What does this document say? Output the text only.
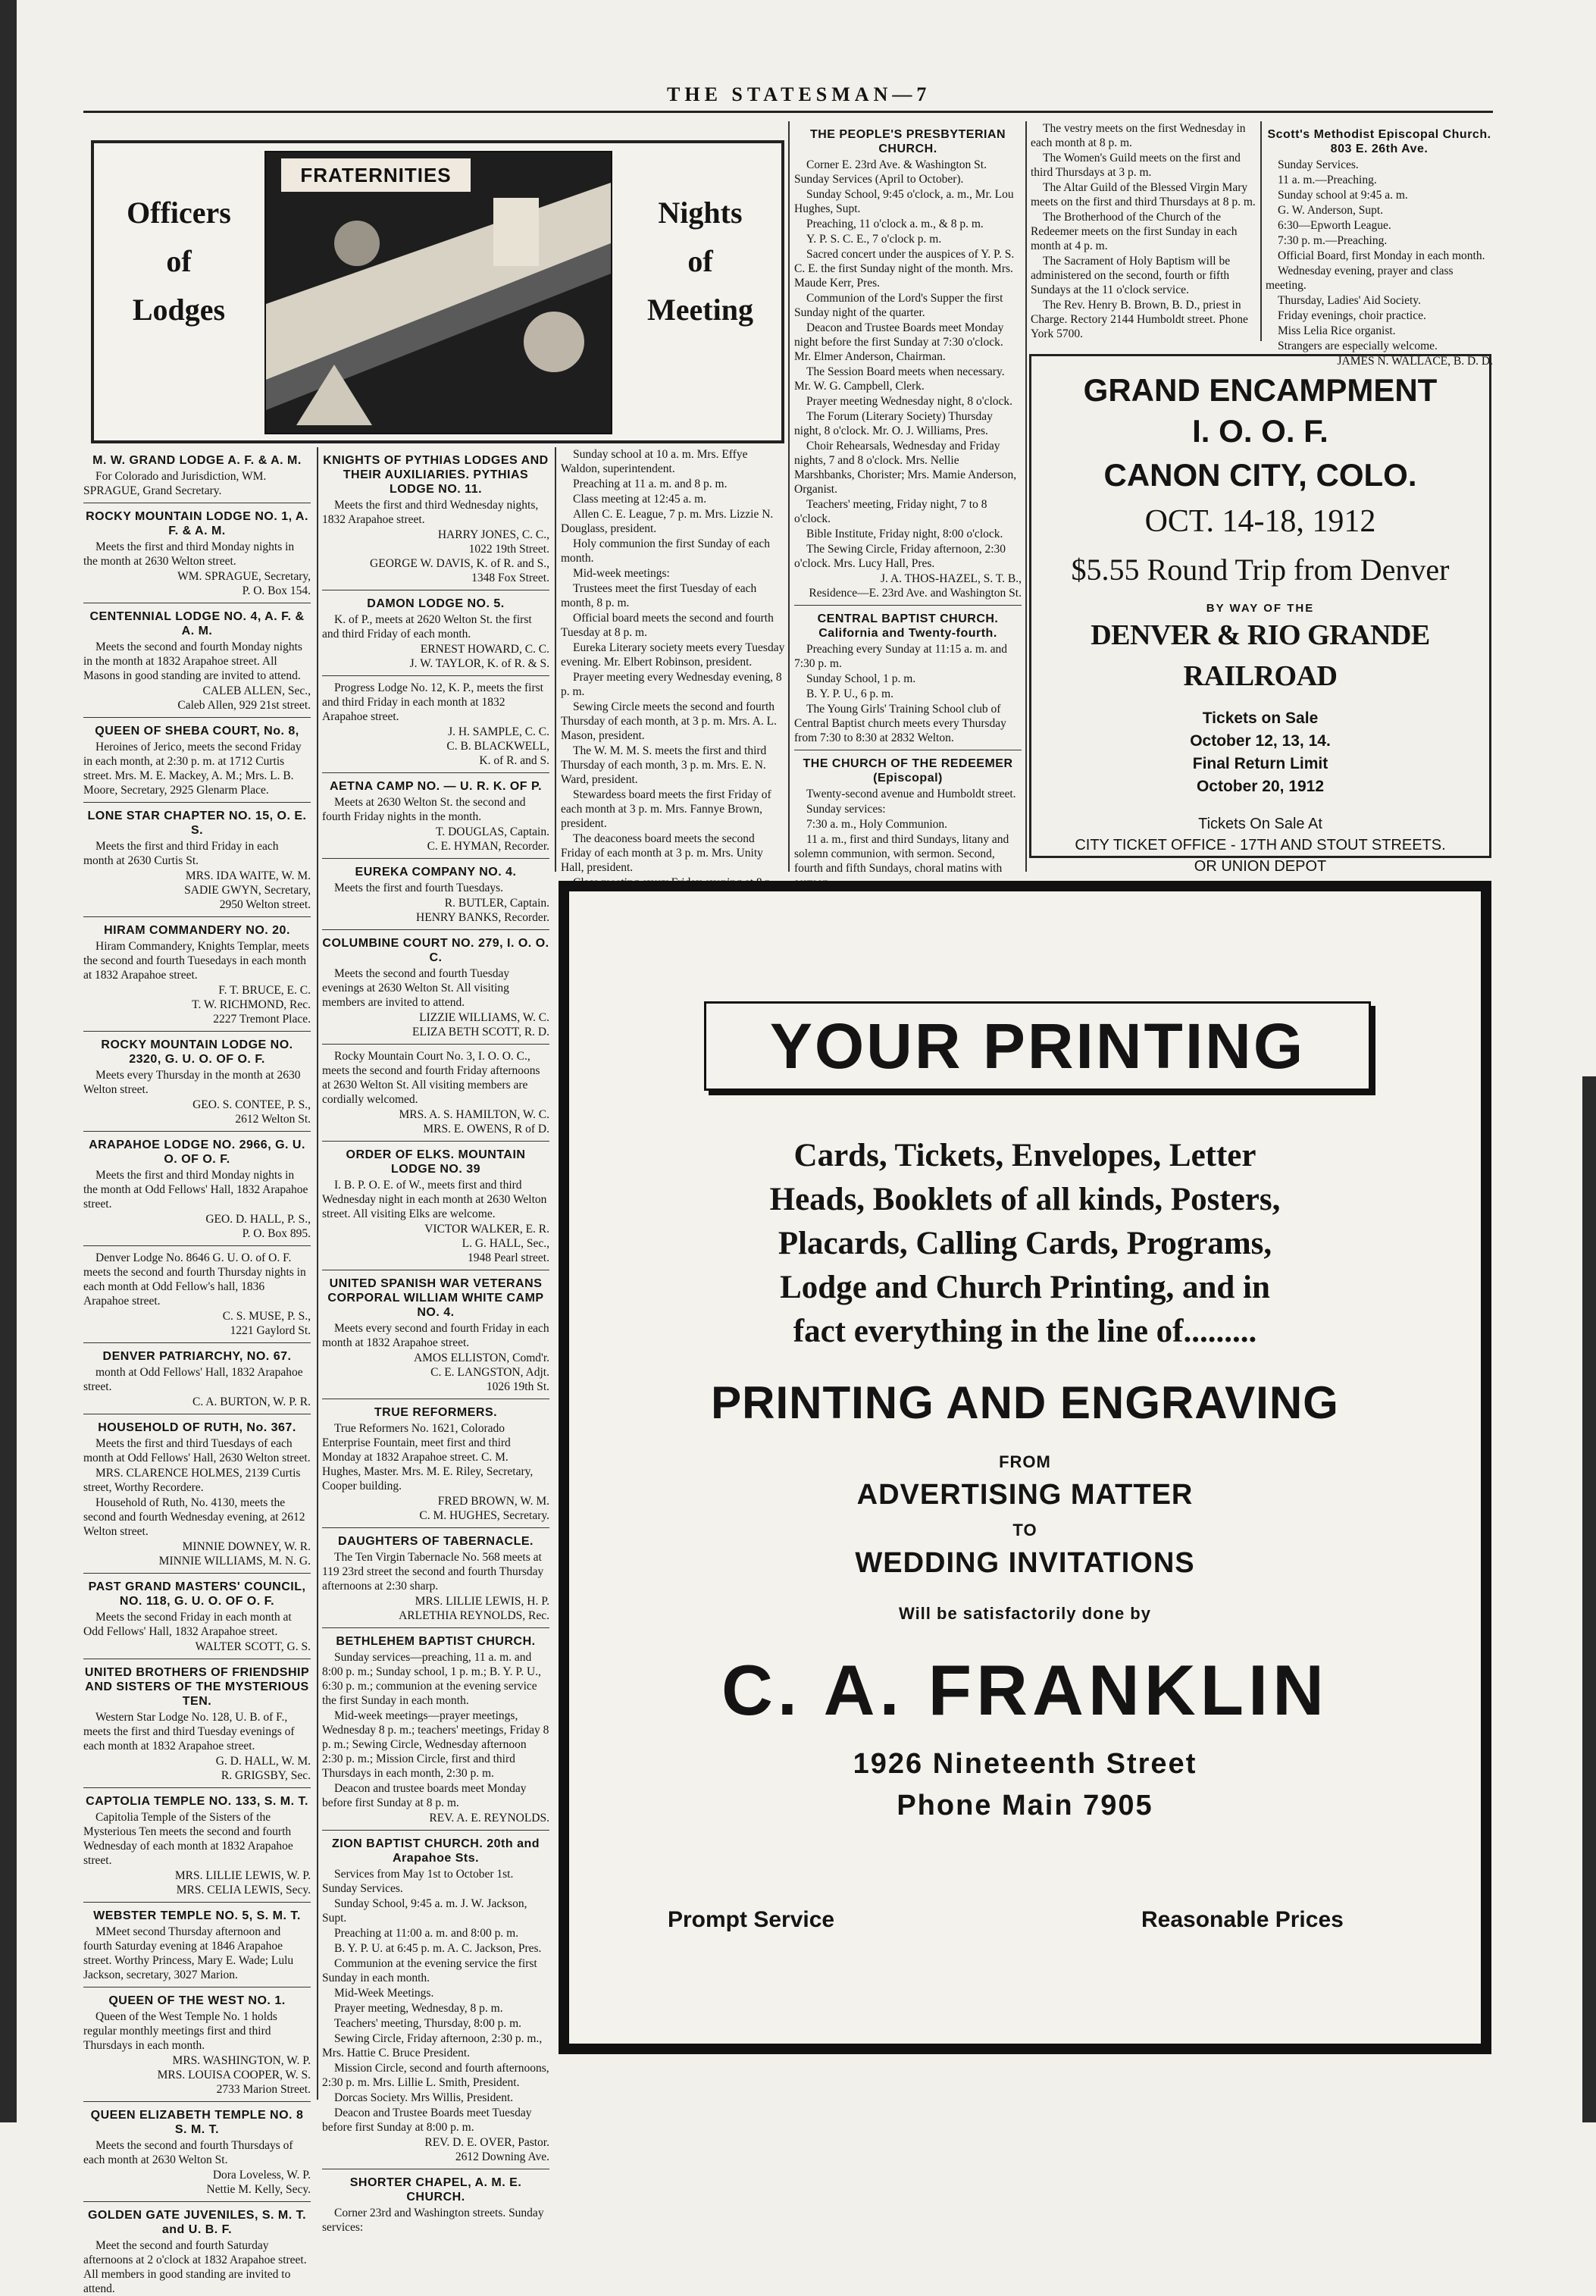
THE STATESMAN—7
Officers
of
Lodges
FRATERNITIES
Nights
of
Meeting
M. W. GRAND LODGE A. F. & A. M.

For Colorado and Jurisdiction, WM. SPRAGUE, Grand Secretary.

ROCKY MOUNTAIN LODGE NO. 1, A. F. & A. M.

Meets the first and third Monday nights in the month at 2630 Welton street.

WM. SPRAGUE, Secretary,

P. O. Box 154.

CENTENNIAL LODGE NO. 4, A. F. & A. M.

Meets the second and fourth Monday nights in the month at 1832 Arapahoe street. All Masons in good standing are invited to attend.

CALEB ALLEN, Sec.,

Caleb Allen, 929 21st street.

QUEEN OF SHEBA COURT, No. 8,

Heroines of Jerico, meets the second Friday in each month, at 2:30 p. m. at 1712 Curtis street. Mrs. M. E. Mackey, A. M.; Mrs. L. B. Moore, Secretary, 2925 Glenarm Place.

LONE STAR CHAPTER NO. 15, O. E. S.

Meets the first and third Friday in each month at 2630 Curtis St.

MRS. IDA WAITE, W. M.

SADIE GWYN, Secretary,

2950 Welton street.

HIRAM COMMANDERY NO. 20.

Hiram Commandery, Knights Templar, meets the second and fourth Tuesedays in each month at 1832 Arapahoe street.

F. T. BRUCE, E. C.

T. W. RICHMOND, Rec.

2227 Tremont Place.

ROCKY MOUNTAIN LODGE NO. 2320, G. U. O. OF O. F.

Meets every Thursday in the month at 2630 Welton street.

GEO. S. CONTEE, P. S.,

2612 Welton St.

ARAPAHOE LODGE NO. 2966, G. U. O. OF O. F.

Meets the first and third Monday nights in the month at Odd Fellows' Hall, 1832 Arapahoe street.

GEO. D. HALL, P. S.,

P. O. Box 895.

Denver Lodge No. 8646 G. U. O. of O. F. meets the second and fourth Thursday nights in each month at Odd Fellow's hall, 1836 Arapahoe street.

C. S. MUSE, P. S.,

1221 Gaylord St.

DENVER PATRIARCHY, NO. 67.

month at Odd Fellows' Hall, 1832 Arapahoe street.

C. A. BURTON, W. P. R.

HOUSEHOLD OF RUTH, No. 367.

Meets the first and third Tuesdays of each month at Odd Fellows' Hall, 2630 Welton street.

MRS. CLARENCE HOLMES, 2139 Curtis street, Worthy Recordere.

Household of Ruth, No. 4130, meets the second and fourth Wednesday evening, at 2612 Welton street.

MINNIE DOWNEY, W. R.

MINNIE WILLIAMS, M. N. G.

PAST GRAND MASTERS' COUNCIL, NO. 118, G. U. O. OF O. F.

Meets the second Friday in each month at Odd Fellows' Hall, 1832 Arapahoe street.

WALTER SCOTT, G. S.

UNITED BROTHERS OF FRIENDSHIP AND SISTERS OF THE MYSTERIOUS TEN.

Western Star Lodge No. 128, U. B. of F., meets the first and third Tuesday evenings of each month at 1832 Arapahoe street.

G. D. HALL, W. M.

R. GRIGSBY, Sec.

CAPTOLIA TEMPLE NO. 133, S. M. T.

Capitolia Temple of the Sisters of the Mysterious Ten meets the second and fourth Wednesday of each month at 1832 Arapahoe street.

MRS. LILLIE LEWIS, W. P.

MRS. CELIA LEWIS, Secy.

WEBSTER TEMPLE NO. 5, S. M. T.

MMeet second Thursday afternoon and fourth Saturday evening at 1846 Arapahoe street. Worthy Princess, Mary E. Wade; Lulu Jackson, secretary, 3027 Marion.

QUEEN OF THE WEST NO. 1.

Queen of the West Temple No. 1 holds regular monthly meetings first and third Thursdays in each month.

MRS. WASHINGTON, W. P.

MRS. LOUISA COOPER, W. S.

2733 Marion Street.

QUEEN ELIZABETH TEMPLE NO. 8 S. M. T.

Meets the second and fourth Thursdays of each month at 2630 Welton St.

Dora Loveless, W. P.

Nettie M. Kelly, Secy.

GOLDEN GATE JUVENILES, S. M. T. and U. B. F.

Meet the second and fourth Saturday afternoons at 2 o'clock at 1832 Arapahoe street. All members in good standing are invited to attend.

KNIGHTS OF PYTHIAS LODGES AND THEIR AUXILIARIES. PYTHIAS LODGE NO. 11.

Meets the first and third Wednesday nights, 1832 Arapahoe street.

HARRY JONES, C. C.,

1022 19th Street.

GEORGE W. DAVIS, K. of R. and S.,

1348 Fox Street.

DAMON LODGE NO. 5.

K. of P., meets at 2620 Welton St. the first and third Friday of each month.

ERNEST HOWARD, C. C.

J. W. TAYLOR, K. of R. & S.

Progress Lodge No. 12, K. P., meets the first and third Friday in each month at 1832 Arapahoe street.

J. H. SAMPLE, C. C.

C. B. BLACKWELL,

K. of R. and S.

AETNA CAMP NO. — U. R. K. OF P.

Meets at 2630 Welton St. the second and fourth Friday nights in the month.

T. DOUGLAS, Captain.

C. E. HYMAN, Recorder.

EUREKA COMPANY NO. 4.

Meets the first and fourth Tuesdays.

R. BUTLER, Captain.

HENRY BANKS, Recorder.

COLUMBINE COURT NO. 279, I. O. O. C.

Meets the second and fourth Tuesday evenings at 2630 Welton St. All visiting members are invited to attend.

LIZZIE WILLIAMS, W. C.

ELIZA BETH SCOTT, R. D.

Rocky Mountain Court No. 3, I. O. O. C., meets the second and fourth Friday afternoons at 2630 Welton St. All visiting members are cordially welcomed.

MRS. A. S. HAMILTON, W. C.

MRS. E. OWENS, R of D.

ORDER OF ELKS. MOUNTAIN LODGE NO. 39

I. B. P. O. E. of W., meets first and third Wednesday night in each month at 2630 Welton street. All visiting Elks are welcome.

VICTOR WALKER, E. R.

L. G. HALL, Sec.,

1948 Pearl street.

UNITED SPANISH WAR VETERANS CORPORAL WILLIAM WHITE CAMP NO. 4.

Meets every second and fourth Friday in each month at 1832 Arapahoe street.

AMOS ELLISTON, Comd'r.

C. E. LANGSTON, Adjt.

1026 19th St.

TRUE REFORMERS.

True Reformers No. 1621, Colorado Enterprise Fountain, meet first and third Monday at 1832 Arapahoe street. C. M. Hughes, Master. Mrs. M. E. Riley, Secretary, Cooper building.

FRED BROWN, W. M.

C. M. HUGHES, Secretary.

DAUGHTERS OF TABERNACLE.

The Ten Virgin Tabernacle No. 568 meets at 119 23rd street the second and fourth Thursday afternoons at 2:30 sharp.

MRS. LILLIE LEWIS, H. P.

ARLETHIA REYNOLDS, Rec.

BETHLEHEM BAPTIST CHURCH.

Sunday services—preaching, 11 a. m. and 8:00 p. m.; Sunday school, 1 p. m.; B. Y. P. U., 6:30 p. m.; communion at the evening service the first Sunday in each month.

Mid-week meetings—prayer meetings, Wednesday 8 p. m.; teachers' meetings, Friday 8 p. m.; Sewing Circle, Wednesday afternoon 2:30 p. m.; Mission Circle, first and third Thursdays in each month, 2:30 p. m.

Deacon and trustee boards meet Monday before first Sunday at 8 p. m.

REV. A. E. REYNOLDS.

ZION BAPTIST CHURCH. 20th and Arapahoe Sts.

Services from May 1st to October 1st. Sunday Services.

Sunday School, 9:45 a. m. J. W. Jackson, Supt.

Preaching at 11:00 a. m. and 8:00 p. m.

B. Y. P. U. at 6:45 p. m. A. C. Jackson, Pres.

Communion at the evening service the first Sunday in each month.

Mid-Week Meetings.

Prayer meeting, Wednesday, 8 p. m.

Teachers' meeting, Thursday, 8:00 p. m.

Sewing Circle, Friday afternoon, 2:30 p. m., Mrs. Hattie C. Bruce President.

Mission Circle, second and fourth afternoons, 2:30 p. m. Mrs. Lillie L. Smith, President.

Dorcas Society. Mrs Willis, President.

Deacon and Trustee Boards meet Tuesday before first Sunday at 8:00 p. m.

REV. D. E. OVER, Pastor.

2612 Downing Ave.

SHORTER CHAPEL, A. M. E. CHURCH.

Corner 23rd and Washington streets. Sunday services:

Sunday school at 10 a. m. Mrs. Effye Waldon, superintendent.

Preaching at 11 a. m. and 8 p. m.

Class meeting at 12:45 a. m.

Allen C. E. League, 7 p. m. Mrs. Lizzie N. Douglass, president.

Holy communion the first Sunday of each month.

Mid-week meetings:

Trustees meet the first Tuesday of each month, 8 p. m.

Official board meets the second and fourth Tuesday at 8 p. m.

Eureka Literary society meets every Tuesday evening. Mr. Elbert Robinson, president.

Prayer meeting every Wednesday evening, 8 p. m.

Sewing Circle meets the second and fourth Thursday of each month, at 3 p. m. Mrs. A. L. Mason, president.

The W. M. M. S. meets the first and third Thursday of each month, 3 p. m. Mrs. E. N. Ward, president.

Stewardess board meets the first Friday of each month at 3 p. m. Mrs. Fannye Brown, president.

The deaconess board meets the second Friday of each month at 3 p. m. Mrs. Unity Hall, president.

THE PEOPLE'S PRESBYTERIAN CHURCH.

Corner E. 23rd Ave. & Washington St. Sunday Services (April to October).

Sunday School, 9:45 o'clock, a. m., Mr. Lou Hughes, Supt.

Preaching, 11 o'clock a. m., & 8 p. m.

Y. P. S. C. E., 7 o'clock p. m.

Sacred concert under the auspices of Y. P. S. C. E. the first Sunday night of the month. Mrs. Maude Kerr, Pres.

Communion of the Lord's Supper the first Sunday night of the quarter.

Deacon and Trustee Boards meet Monday night before the first Sunday at 7:30 o'clock. Mr. Elmer Anderson, Chairman.

The Session Board meets when necessary. Mr. W. G. Campbell, Clerk.

Prayer meeting Wednesday night, 8 o'clock.

The Forum (Literary Society) Thursday night, 8 o'clock. Mr. O. J. Williams, Pres.

Choir Rehearsals, Wednesday and Friday nights, 7 and 8 o'clock. Mrs. Nellie Marshbanks, Chorister; Mrs. Mamie Anderson, Organist.

Teachers' meeting, Friday night, 7 to 8 o'clock.

Bible Institute, Friday night, 8:00 o'clock.

The Sewing Circle, Friday afternoon, 2:30 o'clock. Mrs. Lucy Hall, Pres.

J. A. THOS-HAZEL, S. T. B.,

Residence—E. 23rd Ave. and Washington St.

CENTRAL BAPTIST CHURCH. California and Twenty-fourth.

Preaching every Sunday at 11:15 a. m. and 7:30 p. m.

Sunday School, 1 p. m.

B. Y. P. U., 6 p. m.

The Young Girls' Training School club of Central Baptist church meets every Thursday from 7:30 to 8:30 at 2832 Welton.

THE CHURCH OF THE REDEEMER (Episcopal)

Twenty-second avenue and Humboldt street.

Sunday services:

7:30 a. m., Holy Communion.

11 a. m., first and third Sundays, litany and solemn communion, with sermon. Second, fourth and fifth Sundays, choral matins with

The vestry meets on the first Wednesday in each month at 8 p. m.

The Women's Guild meets on the first and third Thursdays at 3 p. m.

The Altar Guild of the Blessed Virgin Mary meets on the first and third Thursdays at 8 p. m.

The Brotherhood of the Church of the Redeemer meets on the first Sunday in each month at 4 p. m.

The Sacrament of Holy Baptism will be administered on the second, fourth or fifth Sundays at the 11 o'clock service.

The Rev. Henry B. Brown, B. D., priest in Charge. Rectory 2144 Humboldt street. Phone York 5700.

Scott's Methodist Episcopal Church. 803 E. 26th Ave.

Sunday Services.

11 a. m.—Preaching.

Sunday school at 9:45 a. m.

G. W. Anderson, Supt.

6:30—Epworth League.

7:30 p. m.—Preaching.

Official Board, first Monday in each month.

Wednesday evening, prayer and class meeting.

Thursday, Ladies' Aid Society.

Friday evenings, choir practice.

Miss Lelia Rice organist.

Strangers are especially welcome.

JAMES N. WALLACE, B. D. D.

GRAND ENCAMPMENT
I. O. O. F.
CANON CITY, COLO.
OCT. 14-18, 1912
$5.55 Round Trip from Denver
BY WAY OF THE
DENVER & RIO GRANDE RAILROAD
Tickets on Sale
October 12, 13, 14.
Final Return Limit
October 20, 1912
Tickets On Sale At
CITY TICKET OFFICE - 17TH AND STOUT STREETS.
OR UNION DEPOT
YOUR PRINTING
Cards, Tickets, Envelopes, Letter
Heads, Booklets of all kinds, Posters,
Placards, Calling Cards, Programs,
Lodge and Church Printing, and in
fact everything in the line of.........
PRINTING AND ENGRAVING
FROM
ADVERTISING MATTER
TO
WEDDING INVITATIONS
Will be satisfactorily done by
C. A. FRANKLIN
1926 Nineteenth Street
Phone Main 7905
Prompt Service	Reasonable Prices
